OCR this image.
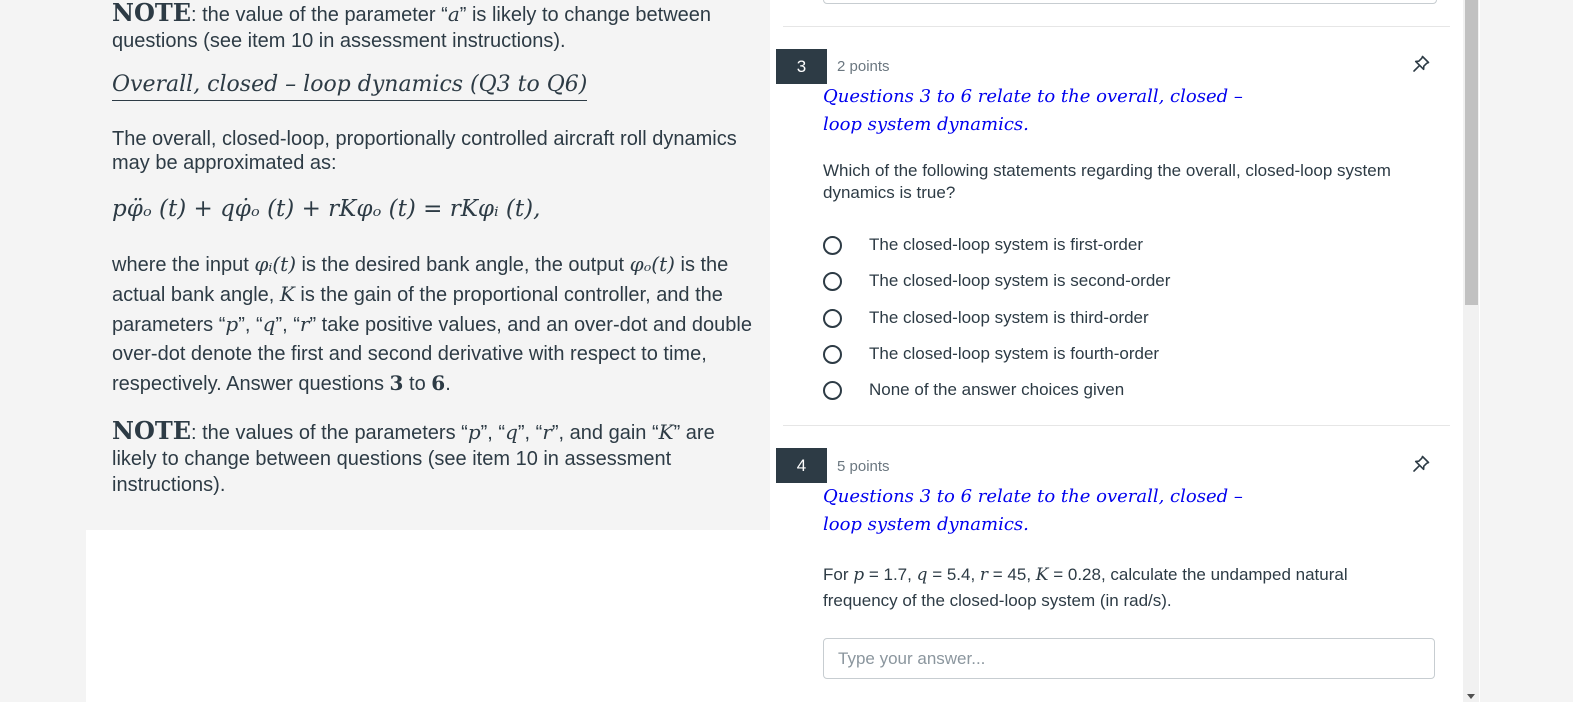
NOTE: the value of the parameter “a” is likely to change between questions (see item 10 in assessment instructions).
Overall, closed – loop dynamics (Q3 to Q6)
The overall, closed-loop, proportionally controlled aircraft roll dynamics may be approximated as:
pφ̈ₒ (t) + qφ̇ₒ (t) + rKφₒ (t) = rKφᵢ (t),
where the input φᵢ(t) is the desired bank angle, the output φₒ(t) is the actual bank angle, K is the gain of the proportional controller, and the parameters “p”, “q”, “r” take positive values, and an over-dot and double over-dot denote the first and second derivative with respect to time, respectively. Answer questions 3 to 6.
NOTE: the values of the parameters “p”, “q”, “r”, and gain “K” are likely to change between questions (see item 10 in assessment instructions).
3	2 points
Questions 3 to 6 relate to the overall, closed –
loop system dynamics.
Which of the following statements regarding the overall, closed-loop system dynamics is true?
The closed-loop system is first-order
The closed-loop system is second-order
The closed-loop system is third-order
The closed-loop system is fourth-order
None of the answer choices given
4	5 points
Questions 3 to 6 relate to the overall, closed –
loop system dynamics.
For p = 1.7, q = 5.4, r = 45, K = 0.28, calculate the undamped natural frequency of the closed-loop system (in rad/s).
Type your answer...
